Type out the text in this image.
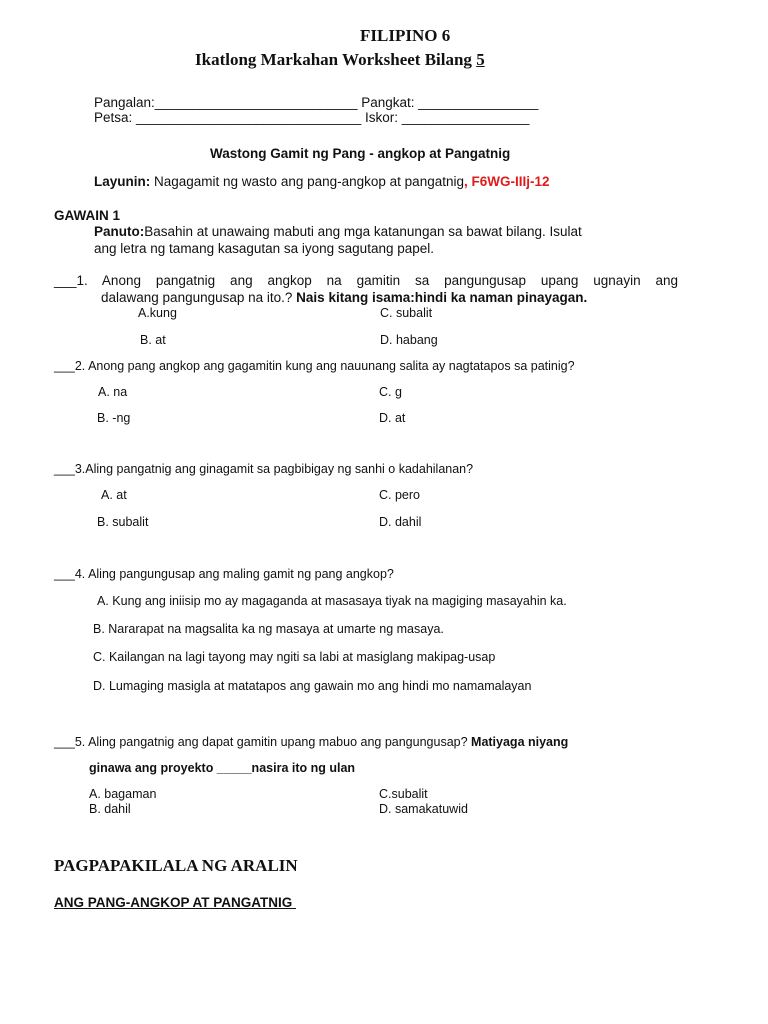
FILIPINO 6
Ikatlong Markahan Worksheet Bilang 5
Pangalan:___________________________ Pangkat: ________________
Petsa: ______________________________ Iskor: _________________
Wastong Gamit ng Pang - angkop at Pangatnig
Layunin: Nagagamit ng wasto ang pang-angkop at pangatnig, F6WG-IIIj-12
GAWAIN 1
Panuto:Basahin at unawaing mabuti ang mga katanungan sa bawat bilang. Isulat
ang letra ng tamang kasagutan sa iyong sagutang papel.
___1. Anong pangatnig ang angkop na gamitin sa pangungusap upang ugnayin ang
dalawang pangungusap na ito.? Nais kitang isama:hindi ka naman pinayagan.
A.kung	C. subalit
B. at	D. habang
___2. Anong pang angkop ang gagamitin kung ang nauunang salita ay nagtatapos sa patinig?
A. na	C. g
B. -ng	D. at
___3.Aling pangatnig ang ginagamit sa pagbibigay ng sanhi o kadahilanan?
A. at	C. pero
B. subalit	D. dahil
___4. Aling pangungusap ang maling gamit ng pang angkop?
A. Kung ang iniisip mo ay magaganda at masasaya tiyak na magiging masayahin ka.
B. Nararapat na magsalita ka ng masaya at umarte ng masaya.
C. Kailangan na lagi tayong may ngiti sa labi at masiglang makipag-usap
D. Lumaging masigla at matatapos ang gawain mo ang hindi mo namamalayan
___5. Aling pangatnig ang dapat gamitin upang mabuo ang pangungusap? Matiyaga niyang
ginawa ang proyekto _____nasira ito ng ulan
A. bagaman	C.subalit
B. dahil	D. samakatuwid
PAGPAPAKILALA NG ARALIN
ANG PANG-ANGKOP AT PANGATNIG
